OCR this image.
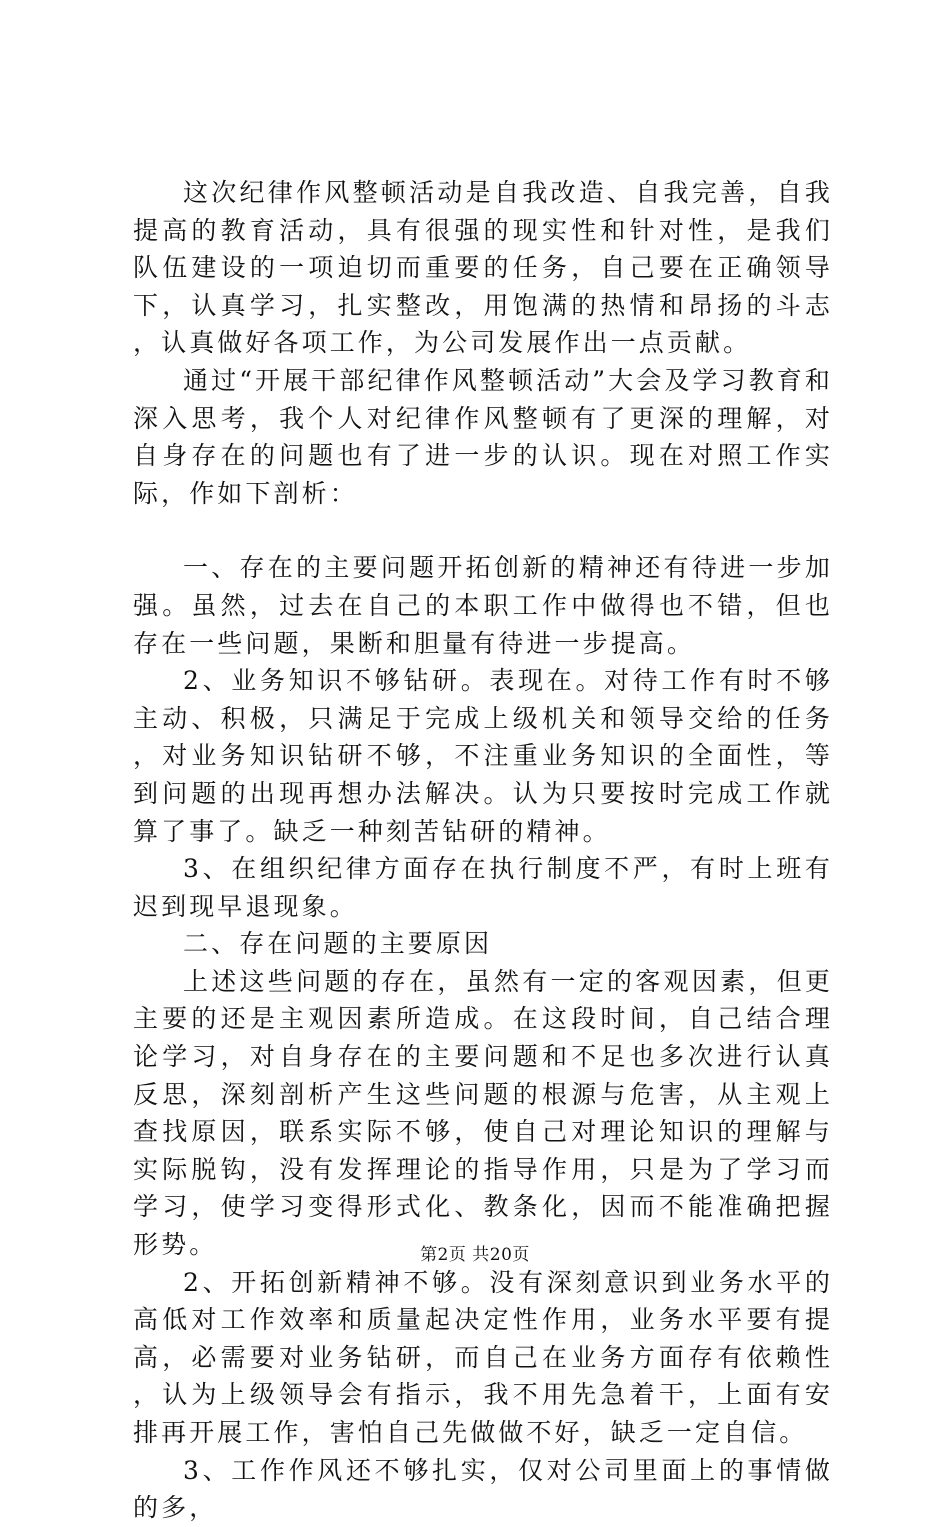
这次纪律作风整顿活动是自我改造、自我完善，自我提高的教育活动，具有很强的现实性和针对性，是我们队伍建设的一项迫切而重要的任务，自己要在正确领导下，认真学习，扎实整改，用饱满的热情和昂扬的斗志，认真做好各项工作，为公司发展作出一点贡献。

通过“开展干部纪律作风整顿活动”大会及学习教育和深入思考，我个人对纪律作风整顿有了更深的理解，对自身存在的问题也有了进一步的认识。现在对照工作实际，作如下剖析：

一、存在的主要问题开拓创新的精神还有待进一步加强。虽然，过去在自己的本职工作中做得也不错，但也存在一些问题，果断和胆量有待进一步提高。

2、业务知识不够钻研。表现在。对待工作有时不够主动、积极，只满足于完成上级机关和领导交给的任务，对业务知识钻研不够，不注重业务知识的全面性，等到问题的出现再想办法解决。认为只要按时完成工作就算了事了。缺乏一种刻苦钻研的精神。

3、在组织纪律方面存在执行制度不严，有时上班有迟到现早退现象。

二、存在问题的主要原因

上述这些问题的存在，虽然有一定的客观因素，但更主要的还是主观因素所造成。在这段时间，自己结合理论学习，对自身存在的主要问题和不足也多次进行认真反思，深刻剖析产生这些问题的根源与危害，从主观上查找原因，联系实际不够，使自己对理论知识的理解与实际脱钩，没有发挥理论的指导作用，只是为了学习而学习，使学习变得形式化、教条化，因而不能准确把握形势。

2、开拓创新精神不够。没有深刻意识到业务水平的高低对工作效率和质量起决定性作用，业务水平要有提高，必需要对业务钻研，而自己在业务方面存有依赖性，认为上级领导会有指示，我不用先急着干，上面有安排再开展工作，害怕自己先做做不好，缺乏一定自信。

3、工作作风还不够扎实，仅对公司里面上的事情做的多，

第2页 共20页
